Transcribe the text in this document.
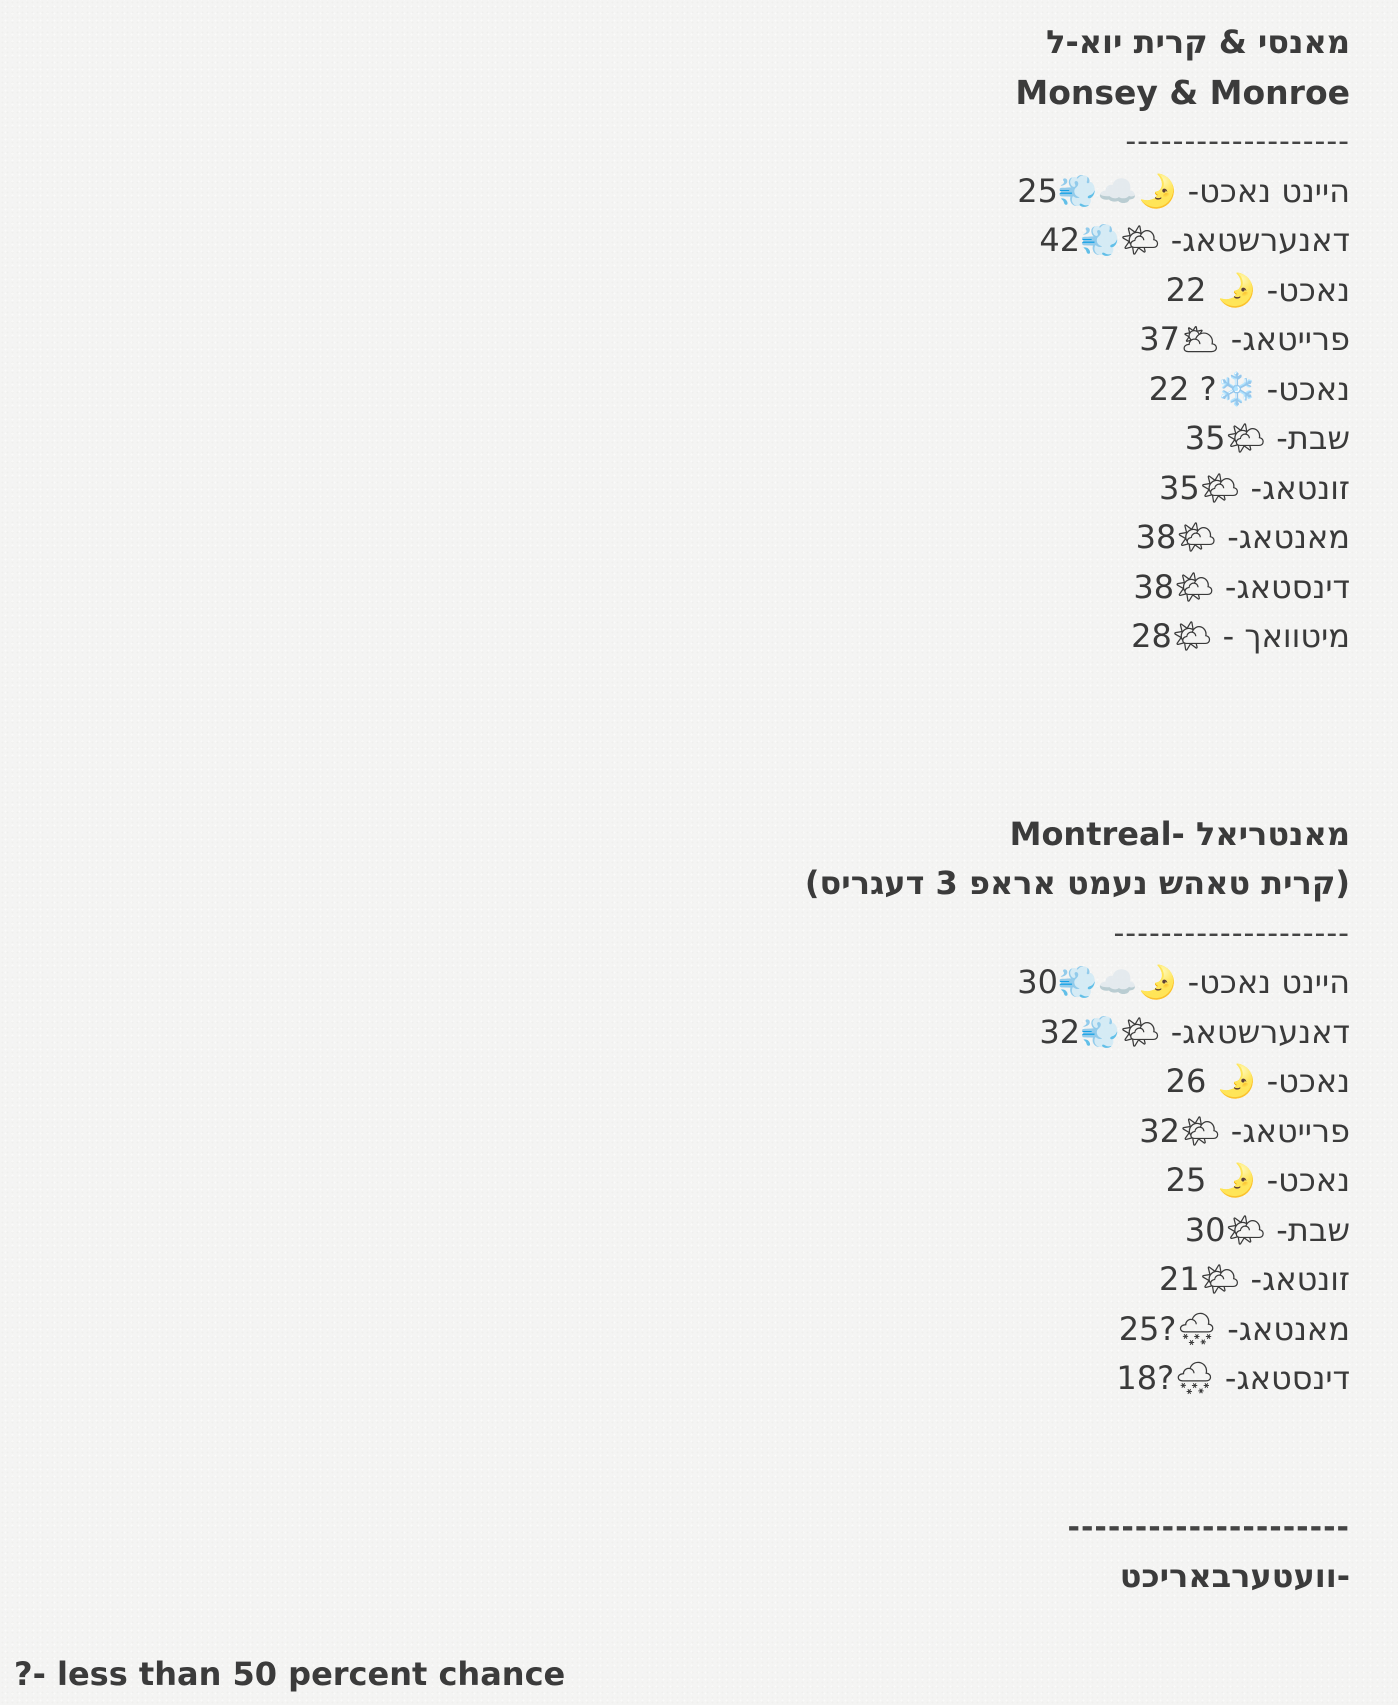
מאנסי & קרית יוא-ל
Monsey & Monroe
-------------------
היינט נאכט- 🌛☁️💨25
דאנערשטאג- 🌤💨42
נאכט- 🌛 22
פרייטאג- 🌥37
נאכט- ❄️? 22
שבת- 🌤35
זונטאג- 🌤35
מאנטאג- 🌤38
דינסטאג- 🌤38
מיטוואך - 🌤28
מאנטריאל -Montreal
(קרית טאהש נעמט אראפ 3 דעגריס)
--------------------
היינט נאכט- 🌛☁️💨30
דאנערשטאג- 🌤💨32
נאכט- 🌛 26
פרייטאג- 🌤32
נאכט- 🌛 25
שבת- 🌤30
זונטאג- 🌤21
מאנטאג- 🌨?25
דינסטאג- 🌨?18
---------------------
-וועטערבאריכט
?- less than 50 percent chance
